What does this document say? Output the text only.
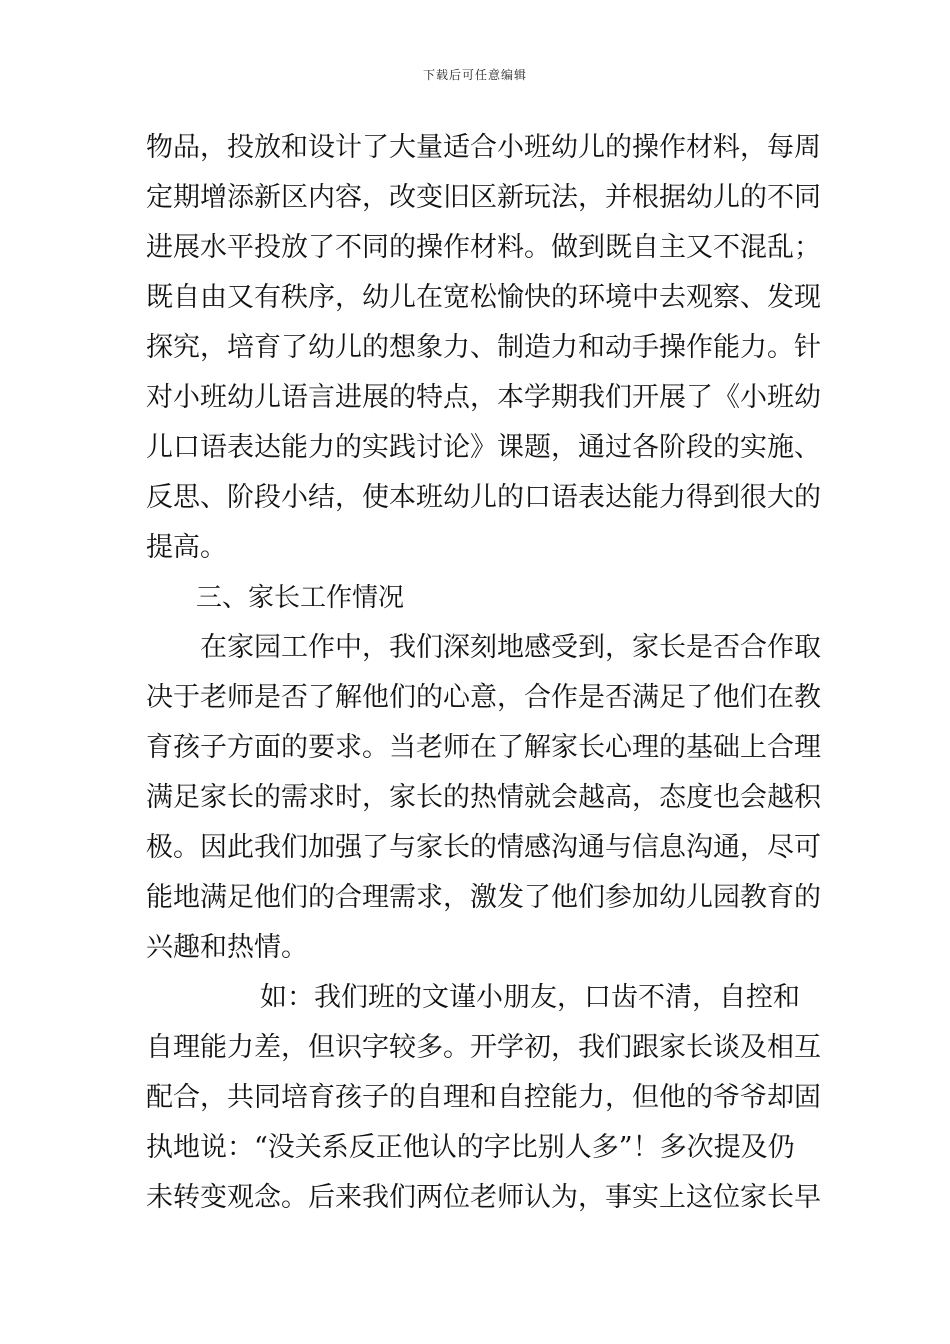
下载后可任意编辑
物品，投放和设计了大量适合小班幼儿的操作材料，每周
定期增添新区内容，改变旧区新玩法，并根据幼儿的不同
进展水平投放了不同的操作材料。做到既自主又不混乱；
既自由又有秩序，幼儿在宽松愉快的环境中去观察、发现
探究，培育了幼儿的想象力、制造力和动手操作能力。针
对小班幼儿语言进展的特点，本学期我们开展了《小班幼
儿口语表达能力的实践讨论》课题，通过各阶段的实施、
反思、阶段小结，使本班幼儿的口语表达能力得到很大的
提高。
三、家长工作情况
在家园工作中，我们深刻地感受到，家长是否合作取
决于老师是否了解他们的心意，合作是否满足了他们在教
育孩子方面的要求。当老师在了解家长心理的基础上合理
满足家长的需求时，家长的热情就会越高，态度也会越积
极。因此我们加强了与家长的情感沟通与信息沟通，尽可
能地满足他们的合理需求，激发了他们参加幼儿园教育的
兴趣和热情。
如：我们班的文谨小朋友，口齿不清，自控和
自理能力差，但识字较多。开学初，我们跟家长谈及相互
配合，共同培育孩子的自理和自控能力，但他的爷爷却固
执地说：“没关系反正他认的字比别人多”！多次提及仍
未转变观念。后来我们两位老师认为，事实上这位家长早
